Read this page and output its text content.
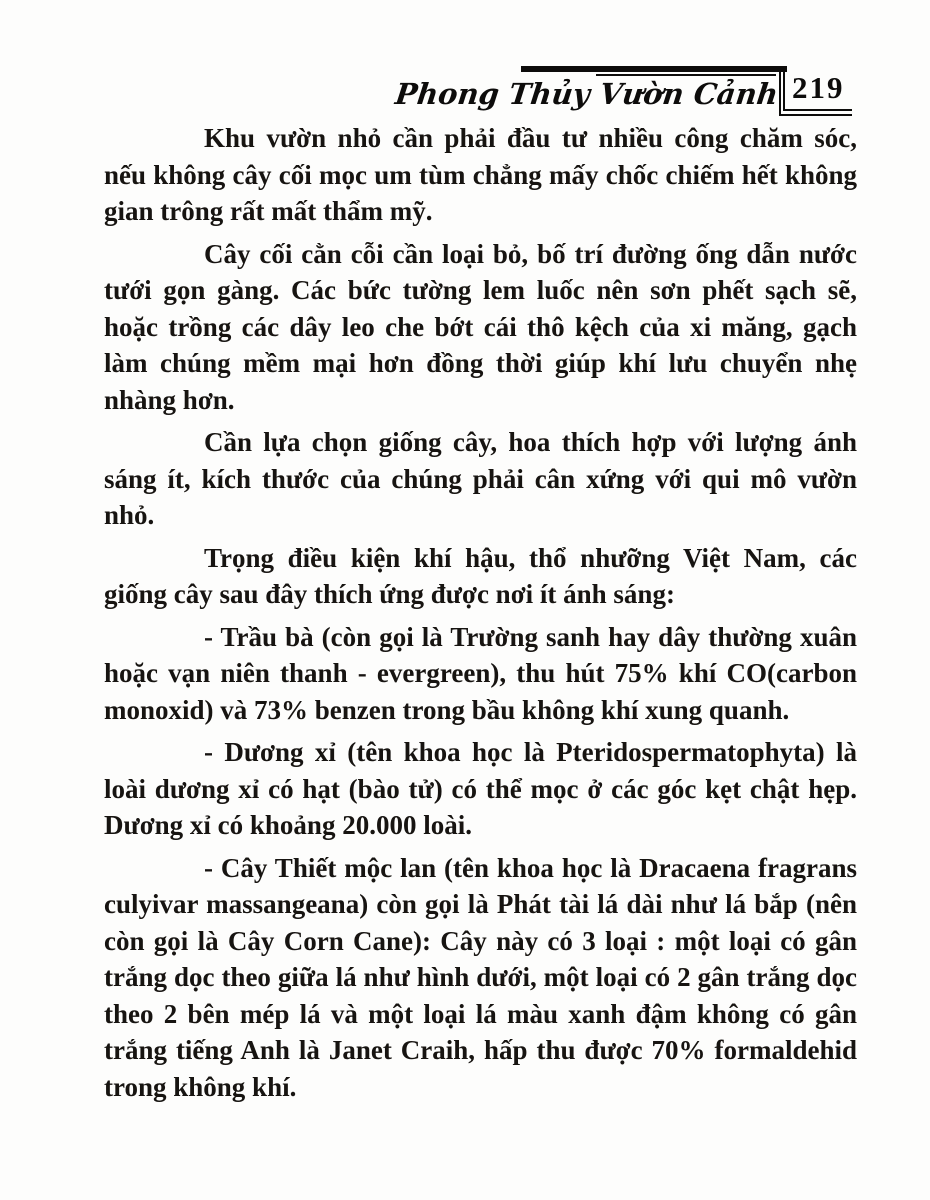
Phong Thủy Vườn Cảnh 219

Khu vườn nhỏ cần phải đầu tư nhiều công chăm sóc, nếu không cây cối mọc um tùm chẳng mấy chốc chiếm hết không gian trông rất mất thẩm mỹ.

Cây cối cằn cỗi cần loại bỏ, bố trí đường ống dẫn nước tưới gọn gàng. Các bức tường lem luốc nên sơn phết sạch sẽ, hoặc trồng các dây leo che bớt cái thô kệch của xi măng, gạch làm chúng mềm mại hơn đồng thời giúp khí lưu chuyển nhẹ nhàng hơn.

Cần lựa chọn giống cây, hoa thích hợp với lượng ánh sáng ít, kích thước của chúng phải cân xứng với qui mô vườn nhỏ.

Trọng điều kiện khí hậu, thổ nhưỡng Việt Nam, các giống cây sau đây thích ứng được nơi ít ánh sáng:

- Trầu bà (còn gọi là Trường sanh hay dây thường xuân hoặc vạn niên thanh - evergreen), thu hút 75% khí CO(carbon monoxid) và 73% benzen trong bầu không khí xung quanh.

- Dương xỉ (tên khoa học là Pteridospermatophyta) là loài dương xỉ có hạt (bào tử) có thể mọc ở các góc kẹt chật hẹp. Dương xỉ có khoảng 20.000 loài.

- Cây Thiết mộc lan (tên khoa học là Dracaena fragrans culyivar massangeana) còn gọi là Phát tài lá dài như lá bắp (nên còn gọi là Cây Corn Cane): Cây này có 3 loại : một loại có gân trắng dọc theo giữa lá như hình dưới, một loại có 2 gân trắng dọc theo 2 bên mép lá và một loại lá màu xanh đậm không có gân trắng tiếng Anh là Janet Craih, hấp thu được 70% formaldehid trong không khí.
